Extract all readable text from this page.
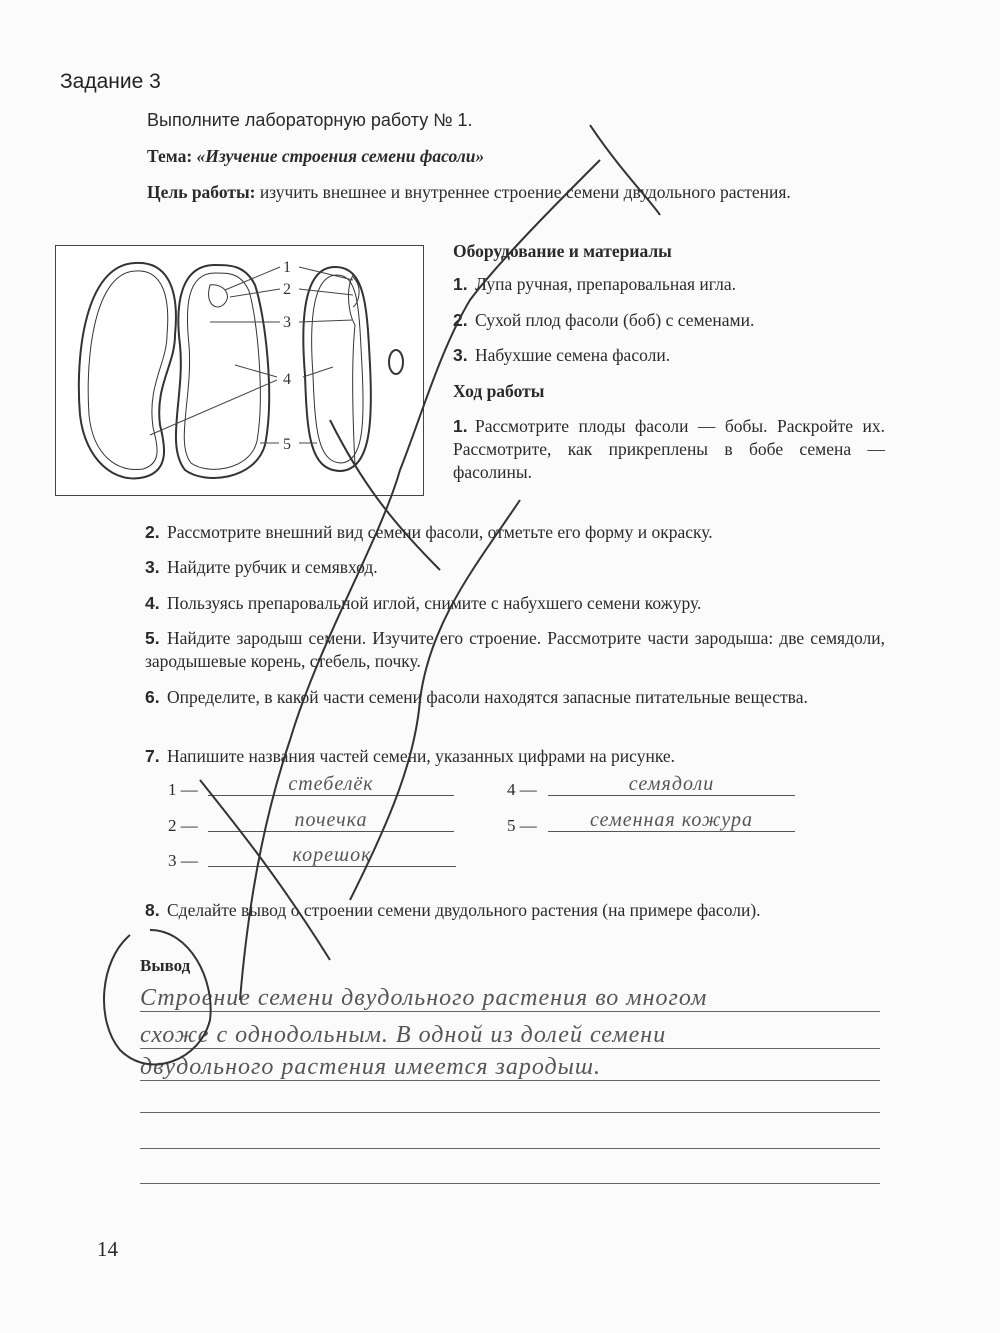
Задание 3
Выполните лабораторную работу № 1.
Тема: «Изучение строения семени фасоли»
Цель работы: изучить внешнее и внутреннее строение семени двудольного растения.
1
2
3
4
5
Оборудование и материалы
1. Лупа ручная, препаровальная игла.
2. Сухой плод фасоли (боб) с семенами.
3. Набухшие семена фасоли.
Ход работы
1. Рассмотрите плоды фасоли — бобы. Раскройте их. Рассмотрите, как прикреплены в бобе семена — фасолины.
2. Рассмотрите внешний вид семени фасоли, отметьте его форму и окраску.
3. Найдите рубчик и семявход.
4. Пользуясь препаровальной иглой, снимите с набухшего семени кожуру.
5. Найдите зародыш семени. Изучите его строение. Рассмотрите части зародыша: две семядоли, зародышевые корень, стебель, почку.
6. Определите, в какой части семени фасоли находятся запасные питательные вещества.
7. Напишите названия частей семени, указанных цифрами на рисунке.
1 —	стебелёк
2 —	почечка
3 —	корешок
4 —	семядоли
5 —	семенная кожура
8. Сделайте вывод о строении семени двудольного растения (на примере фасоли).
Вывод
Строение семени двудольного растения во многом
схоже с однодольным. В одной из долей семени
двудольного растения имеется зародыш.
14
